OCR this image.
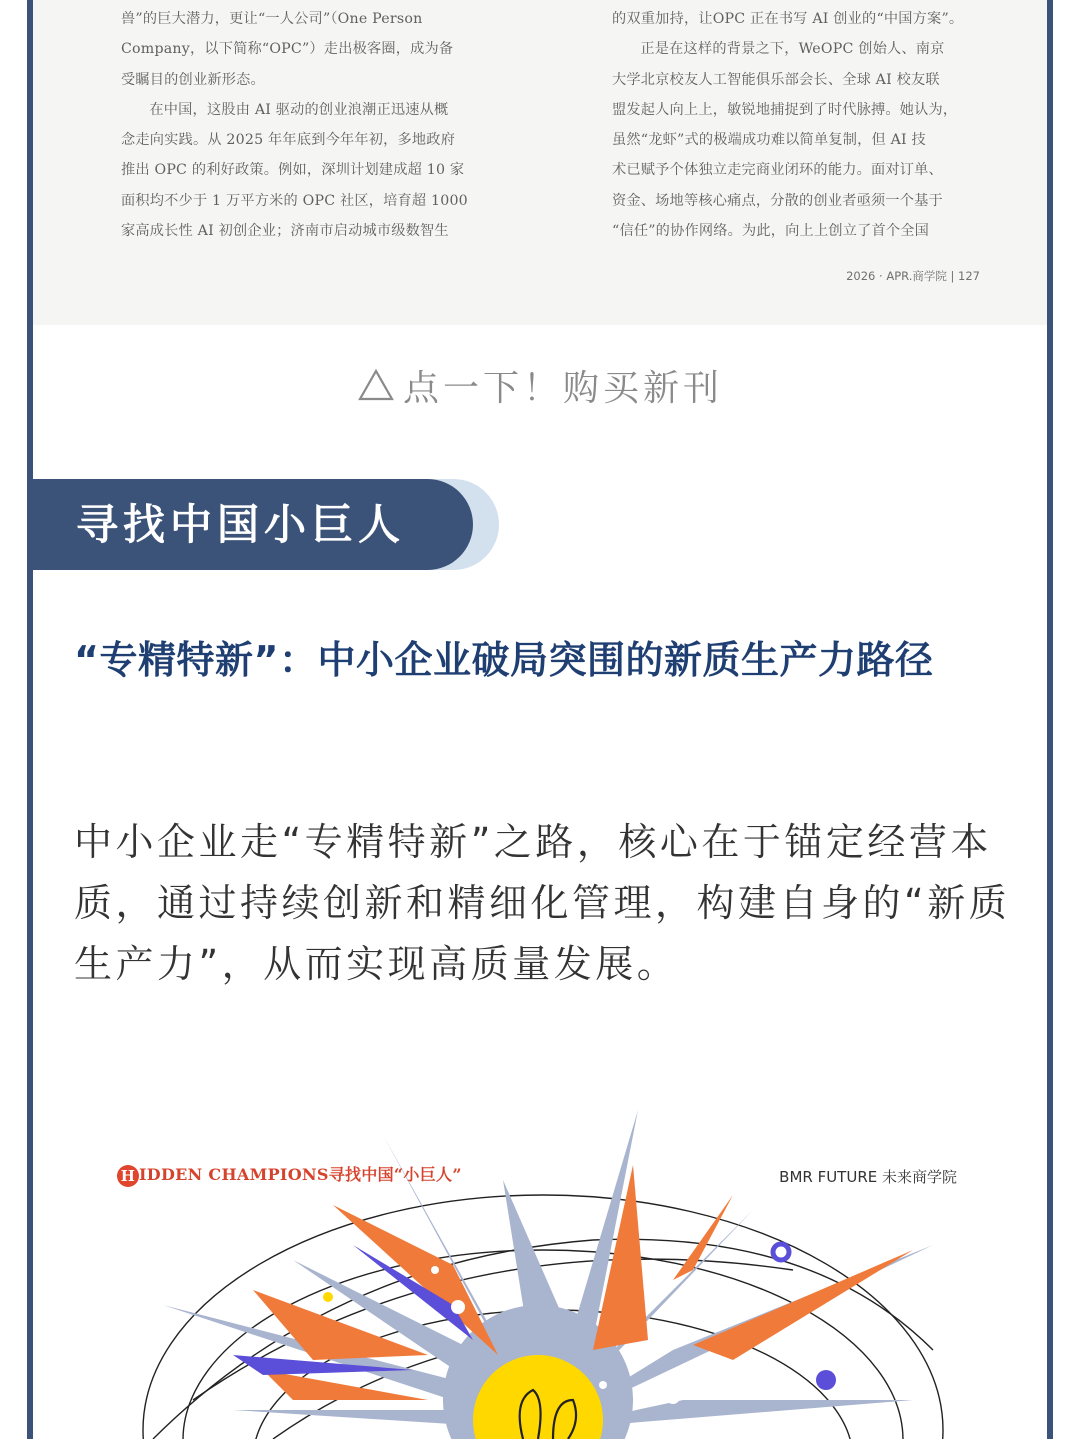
兽”的巨大潜力，更让“一人公司”（One Person

Company，以下简称“OPC”）走出极客圈，成为备

受瞩目的创业新形态。

在中国，这股由 AI 驱动的创业浪潮正迅速从概

念走向实践。从 2025 年年底到今年年初，多地政府

推出 OPC 的利好政策。例如，深圳计划建成超 10 家

面积均不少于 1 万平方米的 OPC 社区，培育超 1000

家高成长性 AI 初创企业；济南市启动城市级数智生

的双重加持，让OPC 正在书写 AI 创业的“中国方案”。

正是在这样的背景之下，WeOPC 创始人、南京

大学北京校友人工智能俱乐部会长、全球 AI 校友联

盟发起人向上上，敏锐地捕捉到了时代脉搏。她认为，

虽然“龙虾”式的极端成功难以简单复制，但 AI 技

术已赋予个体独立走完商业闭环的能力。面对订单、

资金、场地等核心痛点，分散的创业者亟须一个基于

“信任”的协作网络。为此，向上上创立了首个全国

2026 · APR.商学院 | 127
点一下！购买新刊
寻找中国小巨人
“专精特新”：中小企业破局突围的新质生产力路径
中小企业走“专精特新”之路，核心在于锚定经营本质，通过持续创新和精细化管理，构建自身的“新质生产力”，从而实现高质量发展。
H IDDEN CHAMPIONS寻找中国“小巨人”	BMR FUTURE 未来商学院
